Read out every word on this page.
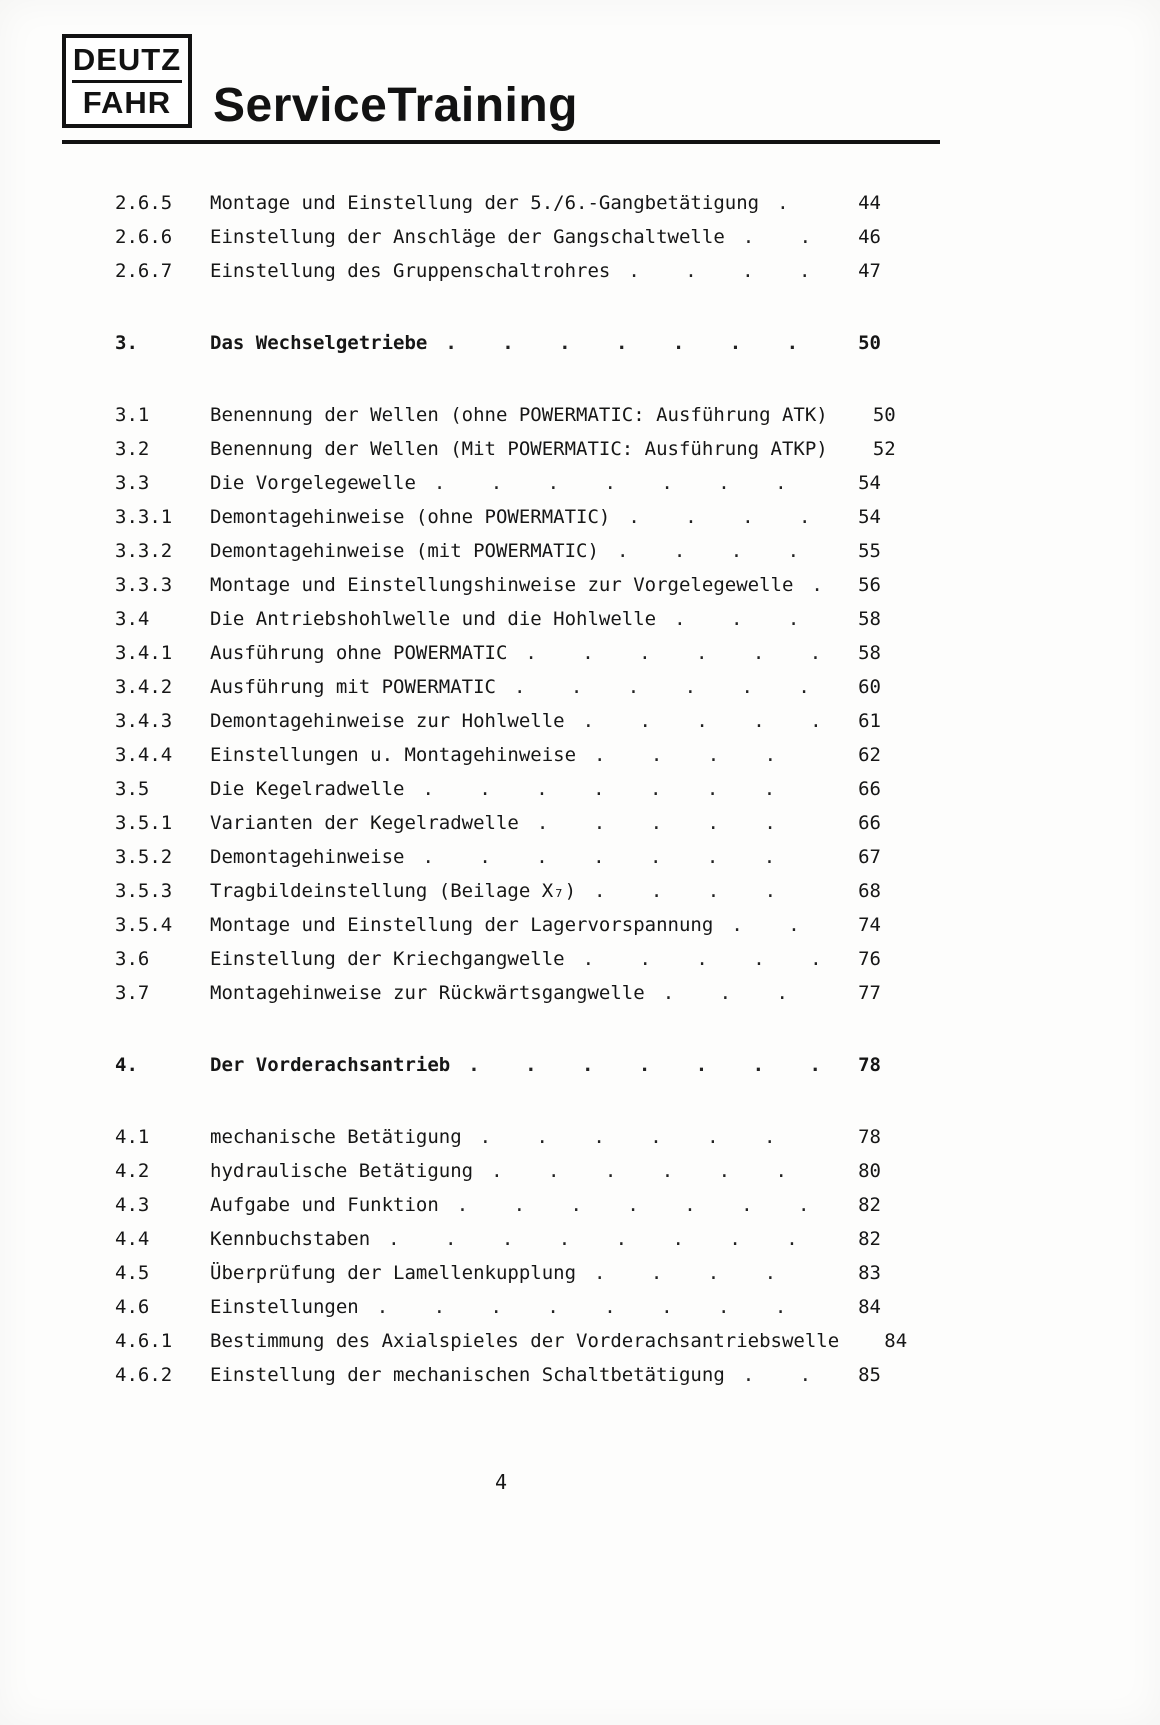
DEUTZ
FAHR ServiceTraining
2.6.5	Montage und Einstellung der 5./6.-Gangbetätigung .	44
2.6.6	Einstellung der Anschläge der Gangschaltwelle . .	46
2.6.7	Einstellung des Gruppenschaltrohres . . . .	47
3.	Das Wechselgetriebe . . . . . . .	50
3.1	Benennung der Wellen (ohne POWERMATIC: Ausführung ATK)	50
3.2	Benennung der Wellen (Mit POWERMATIC: Ausführung ATKP)	52
3.3	Die Vorgelegewelle . . . . . . .	54
3.3.1	Demontagehinweise (ohne POWERMATIC) . . . .	54
3.3.2	Demontagehinweise (mit POWERMATIC) . . . .	55
3.3.3	Montage und Einstellungshinweise zur Vorgelegewelle .	56
3.4	Die Antriebshohlwelle und die Hohlwelle . . .	58
3.4.1	Ausführung ohne POWERMATIC . . . . . .	58
3.4.2	Ausführung mit POWERMATIC . . . . . .	60
3.4.3	Demontagehinweise zur Hohlwelle . . . . .	61
3.4.4	Einstellungen u. Montagehinweise . . . .	62
3.5	Die Kegelradwelle . . . . . . .	66
3.5.1	Varianten der Kegelradwelle . . . . .	66
3.5.2	Demontagehinweise . . . . . . .	67
3.5.3	Tragbildeinstellung (Beilage X₇) . . . .	68
3.5.4	Montage und Einstellung der Lagervorspannung . .	74
3.6	Einstellung der Kriechgangwelle . . . . .	76
3.7	Montagehinweise zur Rückwärtsgangwelle . . .	77
4.	Der Vorderachsantrieb . . . . . . .	78
4.1	mechanische Betätigung . . . . . .	78
4.2	hydraulische Betätigung . . . . . .	80
4.3	Aufgabe und Funktion . . . . . . .	82
4.4	Kennbuchstaben . . . . . . . .	82
4.5	Überprüfung der Lamellenkupplung . . . .	83
4.6	Einstellungen . . . . . . . .	84
4.6.1	Bestimmung des Axialspieles der Vorderachsantriebswelle	84
4.6.2	Einstellung der mechanischen Schaltbetätigung . .	85
4
